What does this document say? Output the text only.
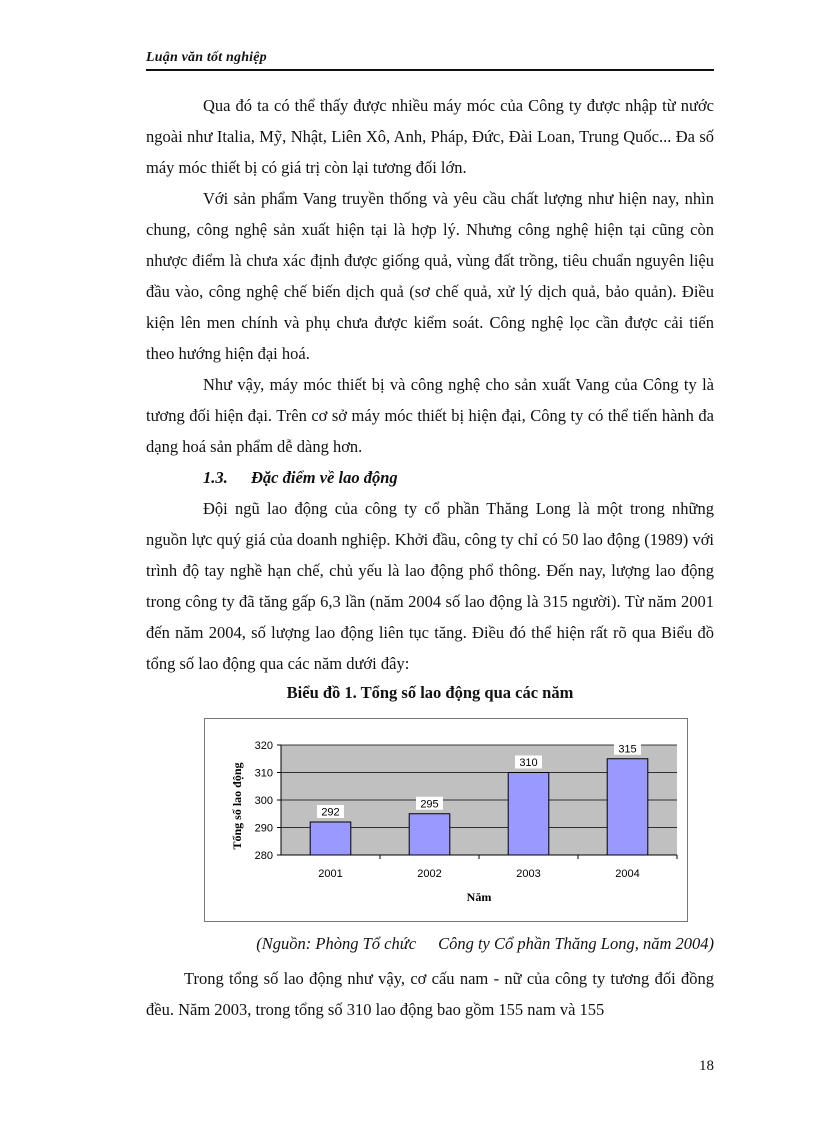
Luận văn tốt nghiệp

Qua đó ta có thể thấy được nhiều máy móc của Công ty được nhập từ nước ngoài như Italia, Mỹ, Nhật, Liên Xô, Anh, Pháp, Đức, Đài Loan, Trung Quốc... Đa số máy móc thiết bị có giá trị còn lại tương đối lớn.

Với sản phẩm Vang truyền thống và yêu cầu chất lượng như hiện nay, nhìn chung, công nghệ sản xuất hiện tại là hợp lý. Nhưng công nghệ hiện tại cũng còn nhược điểm là chưa xác định được giống quả, vùng đất trồng, tiêu chuẩn nguyên liệu đầu vào, công nghệ chế biến dịch quả (sơ chế quả, xử lý dịch quả, bảo quản). Điều kiện lên men chính và phụ chưa được kiểm soát. Công nghệ lọc cần được cải tiến theo hướng hiện đại hoá.

Như vậy, máy móc thiết bị và công nghệ cho sản xuất Vang của Công ty là tương đối hiện đại. Trên cơ sở máy móc thiết bị hiện đại, Công ty có thể tiến hành đa dạng hoá sản phẩm dễ dàng hơn.

1.3. Đặc điểm về lao động

Đội ngũ lao động của công ty cổ phần Thăng Long là một trong những nguồn lực quý giá của doanh nghiệp. Khởi đầu, công ty chỉ có 50 lao động (1989) với trình độ tay nghề hạn chế, chủ yếu là lao động phổ thông. Đến nay, lượng lao động trong công ty đã tăng gấp 6,3 lần (năm 2004 số lao động là 315 người). Từ năm 2001 đến năm 2004, số lượng lao động liên tục tăng. Điều đó thể hiện rất rõ qua Biểu đồ tổng số lao động qua các năm dưới đây:

Biểu đồ 1. Tổng số lao động qua các năm
292
295
310
315
280
290
300
310
320
2001	2002	2003	2004
Năm
Tổng số lao động
(Nguồn: Phòng Tổ chức Công ty Cổ phần Thăng Long, năm 2004)

Trong tổng số lao động như vậy, cơ cấu nam - nữ của công ty tương đối đồng đều. Năm 2003, trong tổng số 310 lao động bao gồm 155 nam và 155

18
